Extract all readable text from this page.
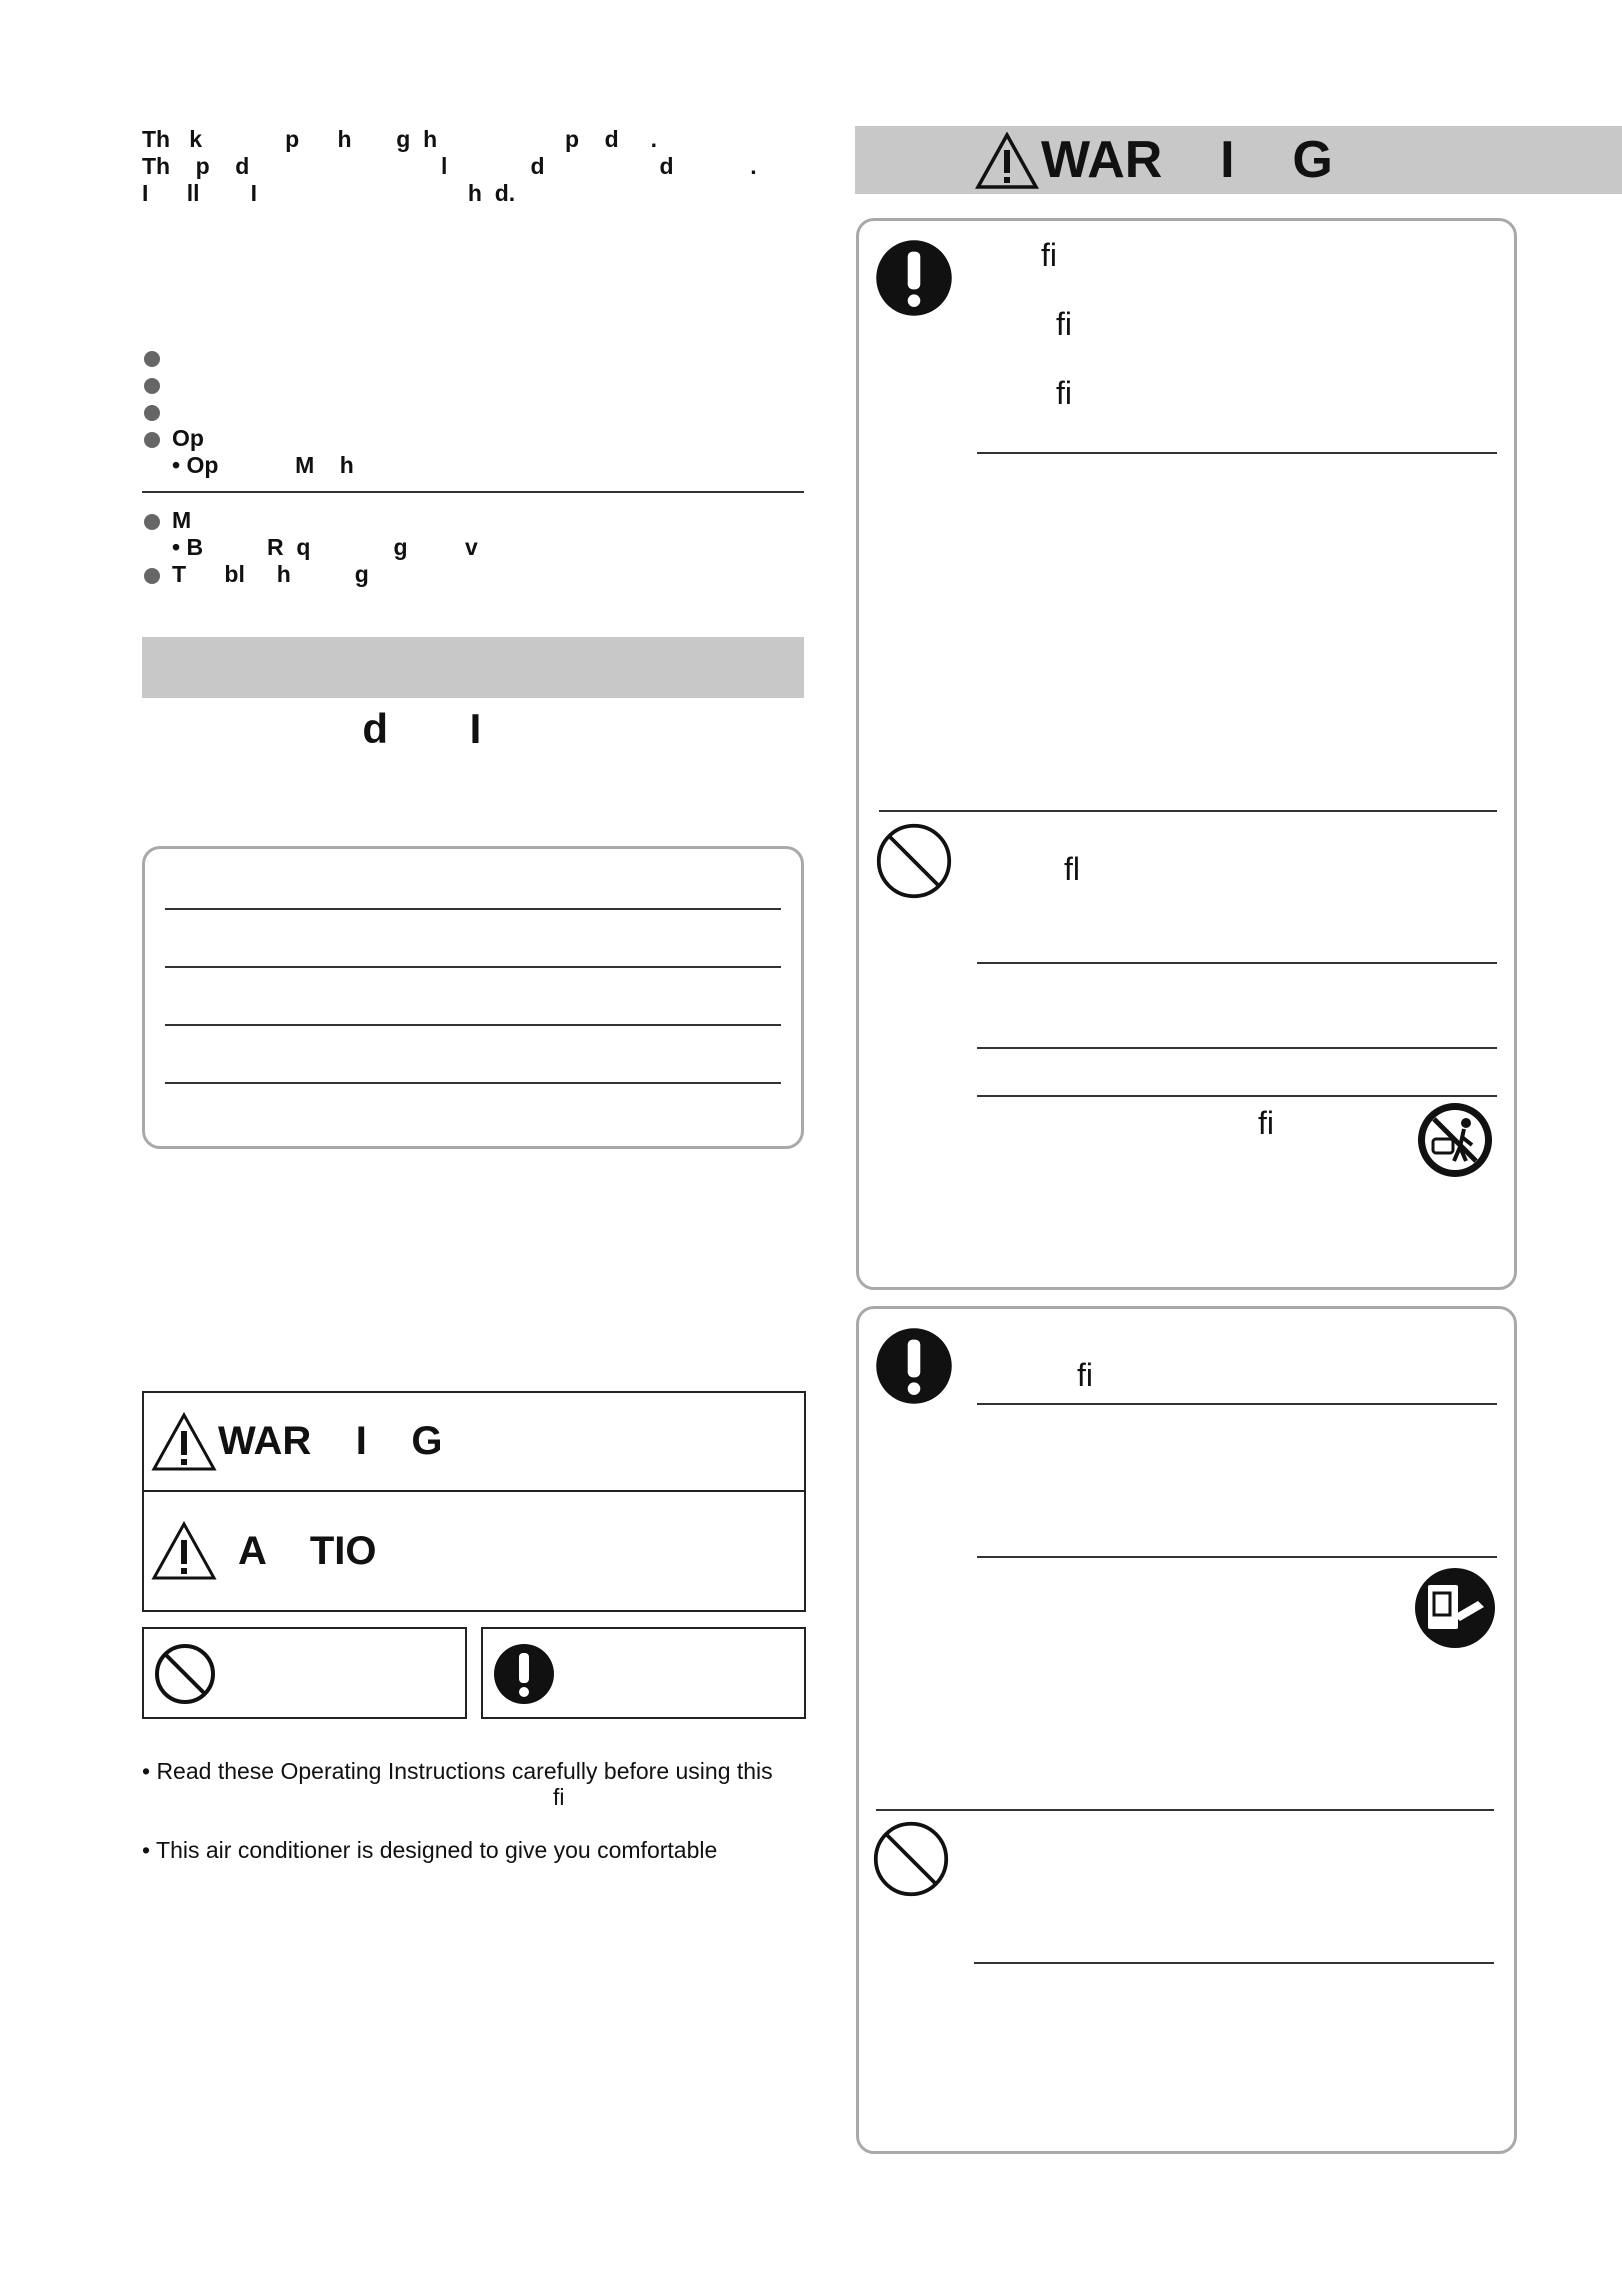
Th   k             p      h       g  h                    p    d     .
Th    p    d                              l             d                  d            .
I      ll        I                                 h  d.
Op
• Op            M    h
M
• B          R  q             g         v
T      bl     h          g

d       I

WAR    I    G
A    TIO
• Read these Operating Instructions carefully before using this
fi
• This air conditioner is designed to give you comfortable
WAR    I    G
fi
fi
fi
fl
fi
fi
